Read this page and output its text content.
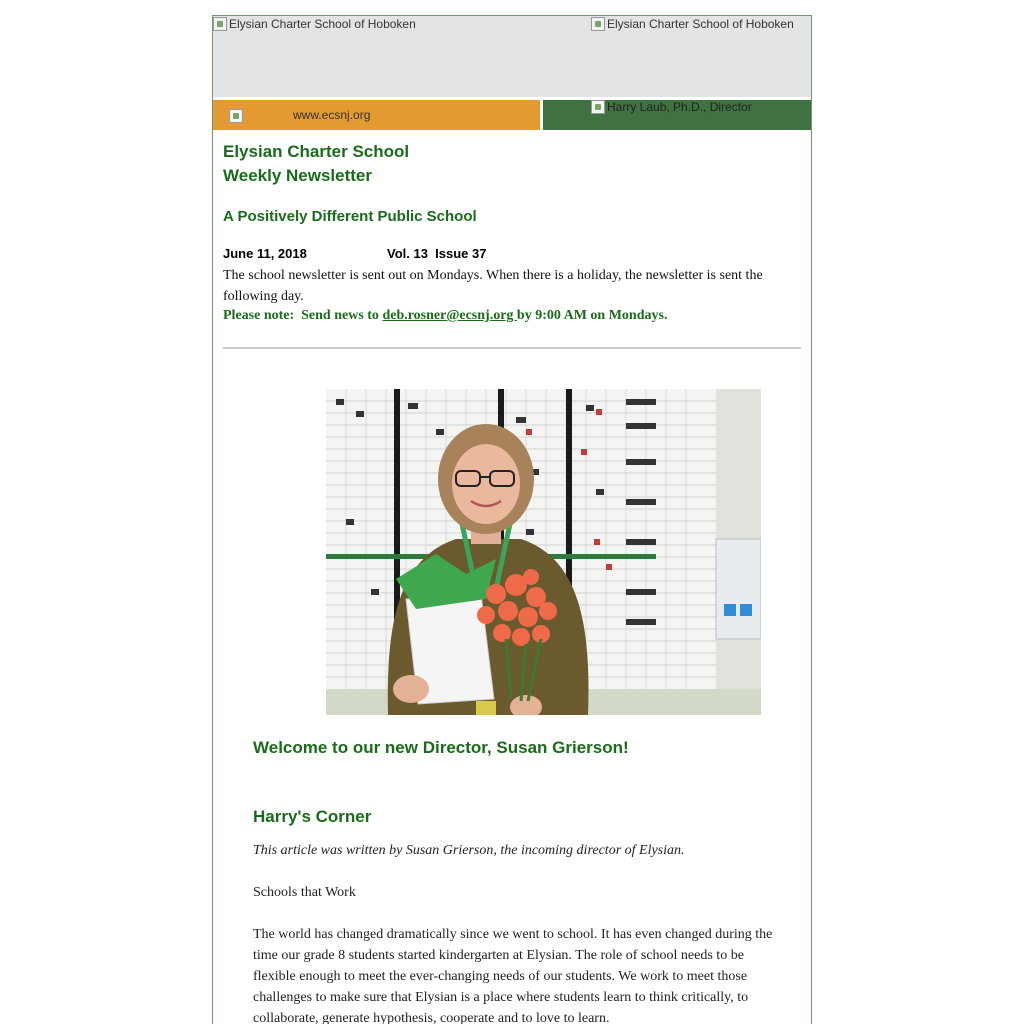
Elysian Charter School of Hoboken	Elysian Charter School of Hoboken
www.ecsnj.org
Harry Laub, Ph.D., Director
Elysian Charter School
Weekly Newsletter
A Positively Different Public School
June 11, 2018	Vol. 13  Issue 37
The school newsletter is sent out on Mondays. When there is a holiday, the newsletter is sent the following day.
Please note:  Send news to deb.rosner@ecsnj.org by 9:00 AM on Mondays.
Welcome to our new Director, Susan Grierson!
Harry's Corner
This article was written by Susan Grierson, the incoming director of Elysian.
Schools that Work
The world has changed dramatically since we went to school. It has even changed during the time our grade 8 students started kindergarten at Elysian. The role of school needs to be flexible enough to meet the ever-changing needs of our students. We work to meet those challenges to make sure that Elysian is a place where students learn to think critically, to collaborate, generate hypothesis, cooperate and to love to learn.
